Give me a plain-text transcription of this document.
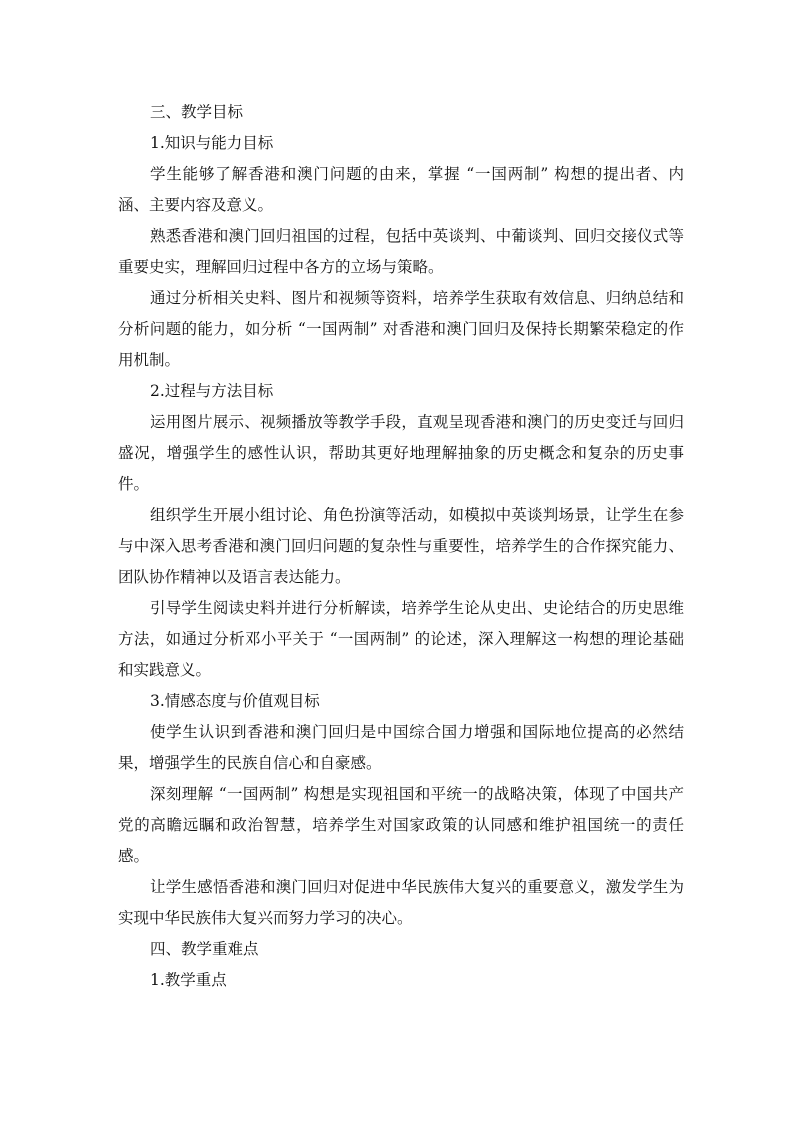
三、教学目标

1.知识与能力目标

学生能够了解香港和澳门问题的由来，掌握 “一国两制” 构想的提出者、内涵、主要内容及意义。

熟悉香港和澳门回归祖国的过程，包括中英谈判、中葡谈判、回归交接仪式等重要史实，理解回归过程中各方的立场与策略。

通过分析相关史料、图片和视频等资料，培养学生获取有效信息、归纳总结和分析问题的能力，如分析 “一国两制” 对香港和澳门回归及保持长期繁荣稳定的作用机制。

2.过程与方法目标

运用图片展示、视频播放等教学手段，直观呈现香港和澳门的历史变迁与回归盛况，增强学生的感性认识，帮助其更好地理解抽象的历史概念和复杂的历史事件。

组织学生开展小组讨论、角色扮演等活动，如模拟中英谈判场景，让学生在参与中深入思考香港和澳门回归问题的复杂性与重要性，培养学生的合作探究能力、团队协作精神以及语言表达能力。

引导学生阅读史料并进行分析解读，培养学生论从史出、史论结合的历史思维方法，如通过分析邓小平关于 “一国两制” 的论述，深入理解这一构想的理论基础和实践意义。

3.情感态度与价值观目标

使学生认识到香港和澳门回归是中国综合国力增强和国际地位提高的必然结果，增强学生的民族自信心和自豪感。

深刻理解 “一国两制” 构想是实现祖国和平统一的战略决策，体现了中国共产党的高瞻远瞩和政治智慧，培养学生对国家政策的认同感和维护祖国统一的责任感。

让学生感悟香港和澳门回归对促进中华民族伟大复兴的重要意义，激发学生为实现中华民族伟大复兴而努力学习的决心。

四、教学重难点

1.教学重点
